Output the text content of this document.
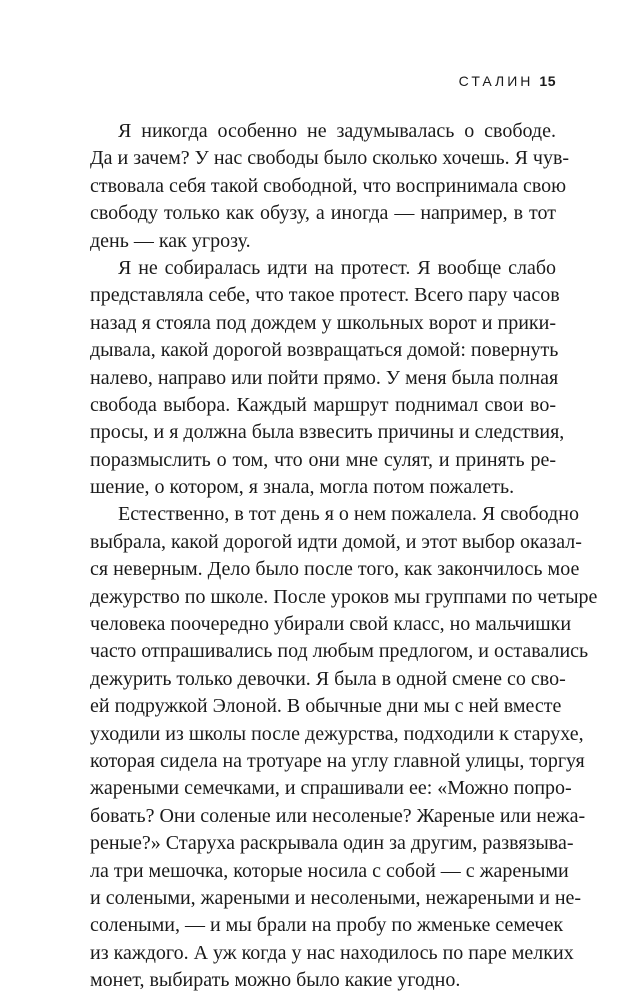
СТАЛИН 15
Я никогда особенно не задумывалась о свободе.
Да и зачем? У нас свободы было сколько хочешь. Я чув-
ствовала себя такой свободной, что воспринимала свою
свободу только как обузу, а иногда — например, в тот
день — как угрозу.
Я не собиралась идти на протест. Я вообще слабо
представляла себе, что такое протест. Всего пару часов
назад я стояла под дождем у школьных ворот и прики-
дывала, какой дорогой возвращаться домой: повернуть
налево, направо или пойти прямо. У меня была полная
свобода выбора. Каждый маршрут поднимал свои во-
просы, и я должна была взвесить причины и следствия,
поразмыслить о том, что они мне сулят, и принять ре-
шение, о котором, я знала, могла потом пожалеть.
Естественно, в тот день я о нем пожалела. Я свободно
выбрала, какой дорогой идти домой, и этот выбор оказал-
ся неверным. Дело было после того, как закончилось мое
дежурство по школе. После уроков мы группами по четыре
человека поочередно убирали свой класс, но мальчишки
часто отпрашивались под любым предлогом, и оставались
дежурить только девочки. Я была в одной смене со сво-
ей подружкой Элоной. В обычные дни мы с ней вместе
уходили из школы после дежурства, подходили к старухе,
которая сидела на тротуаре на углу главной улицы, торгуя
жареными семечками, и спрашивали ее: «Можно попро-
бовать? Они соленые или несоленые? Жареные или нежа-
реные?» Старуха раскрывала один за другим, развязыва-
ла три мешочка, которые носила с собой — с жареными
и солеными, жареными и несолеными, нежареными и не-
солеными, — и мы брали на пробу по жменьке семечек
из каждого. А уж когда у нас находилось по паре мелких
монет, выбирать можно было какие угодно.
